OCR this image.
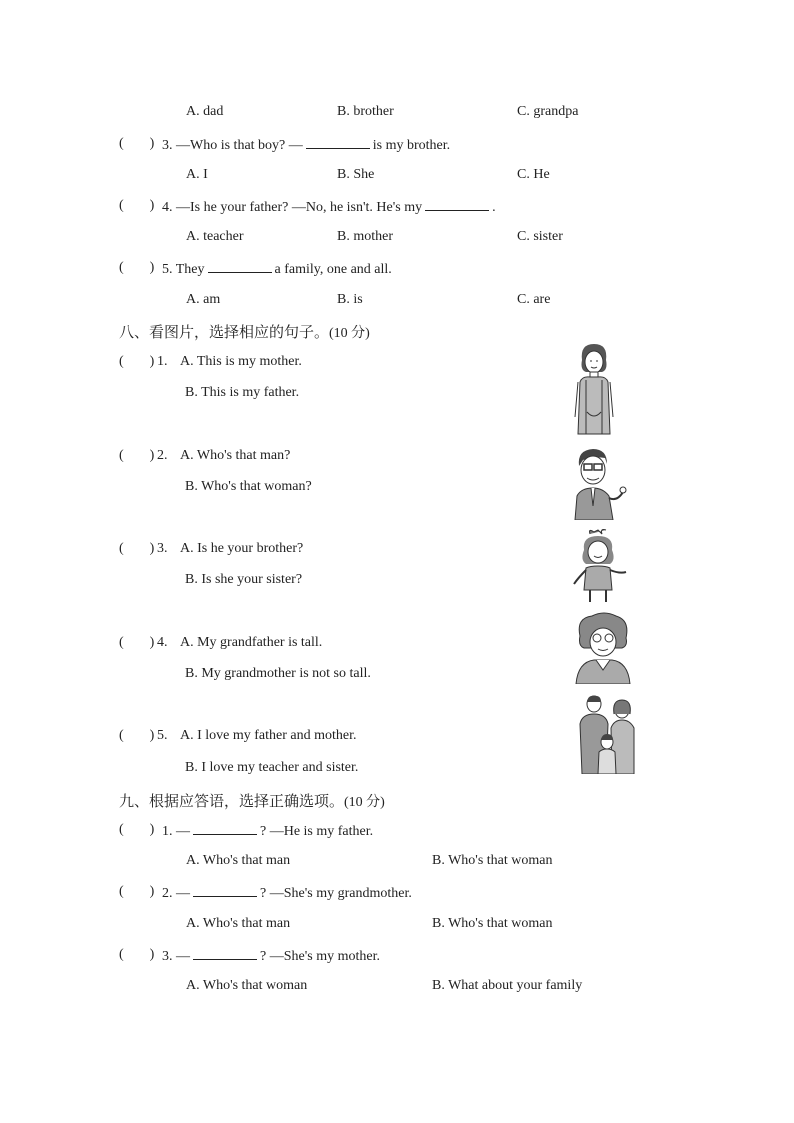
A. dad	B. brother	C. grandpa
( ) 3. —Who is that boy? —	is my brother.
A. I	B. She	C. He
( ) 4. —Is he your father? —No, he isn't. He's my	.
A. teacher	B. mother	C. sister
( ) 5. They	a family, one and all.
A. am	B. is	C. are
八、看图片，选择相应的句子。(10 分)
( ) 1. A. This is my mother.
B. This is my father.
( ) 2. A. Who's that man?
B. Who's that woman?
( ) 3. A. Is he your brother?
B. Is she your sister?
( ) 4. A. My grandfather is tall.
B. My grandmother is not so tall.
( ) 5. A. I love my father and mother.
B. I love my teacher and sister.
九、根据应答语，选择正确选项。(10 分)
( ) 1. —	? —He is my father.
A. Who's that man	B. Who's that woman
( ) 2. —	? —She's my grandmother.
A. Who's that man	B. Who's that woman
( ) 3. —	? —She's my mother.
A. Who's that woman	B. What about your family
